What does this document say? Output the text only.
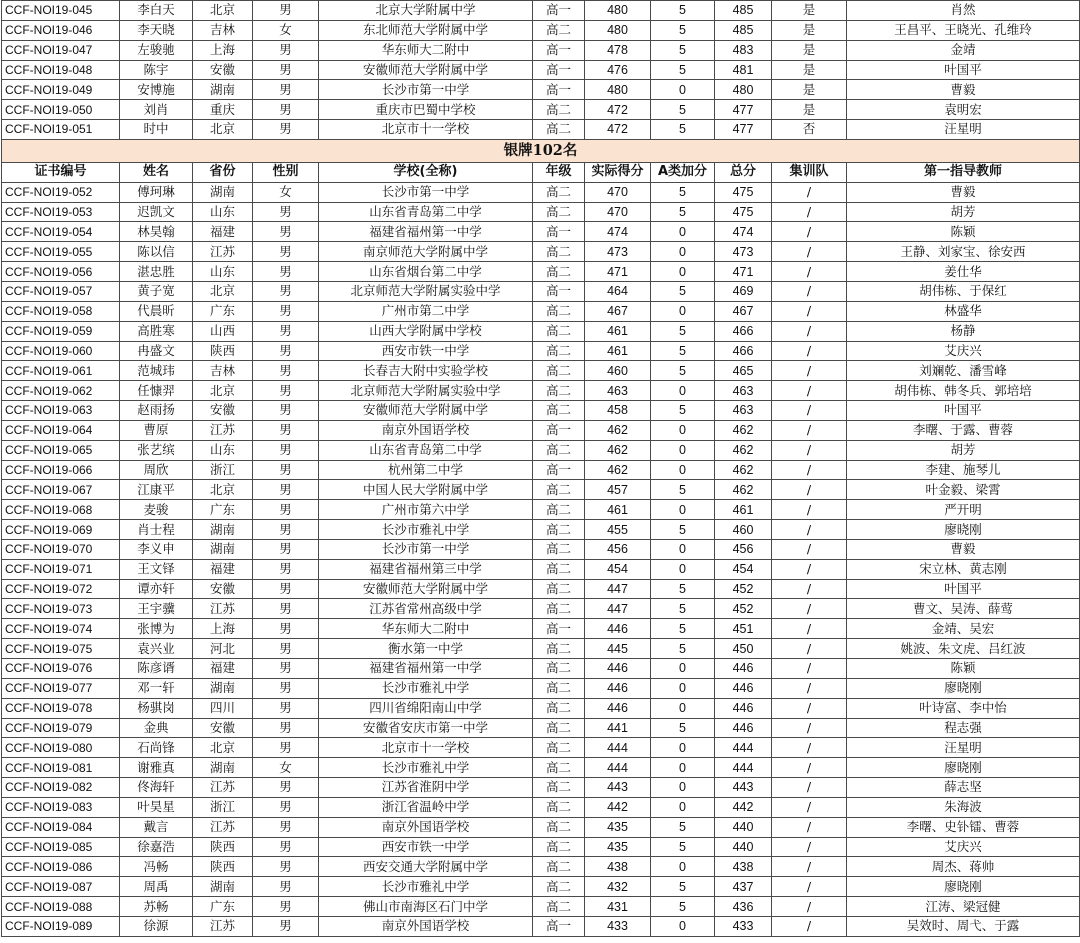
CCF-NOI19-045	李白天	北京	男	北京大学附属中学	高一	480	5	485	是	肖然
CCF-NOI19-046	李天晓	吉林	女	东北师范大学附属中学	高二	480	5	485	是	王昌平、王晓光、孔维玲
CCF-NOI19-047	左骏驰	上海	男	华东师大二附中	高一	478	5	483	是	金靖
CCF-NOI19-048	陈宇	安徽	男	安徽师范大学附属中学	高一	476	5	481	是	叶国平
CCF-NOI19-049	安博施	湖南	男	长沙市第一中学	高一	480	0	480	是	曹毅
CCF-NOI19-050	刘肖	重庆	男	重庆市巴蜀中学校	高二	472	5	477	是	袁明宏
CCF-NOI19-051	时中	北京	男	北京市十一学校	高二	472	5	477	否	汪星明
银牌102名										
证书编号	姓名	省份	性别	学校(全称)	年级	实际得分	A类加分	总分	集训队	第一指导教师
CCF-NOI19-052	傅珂琳	湖南	女	长沙市第一中学	高二	470	5	475	/	曹毅
CCF-NOI19-053	迟凯文	山东	男	山东省青岛第二中学	高二	470	5	475	/	胡芳
CCF-NOI19-054	林昊翰	福建	男	福建省福州第一中学	高一	474	0	474	/	陈颖
CCF-NOI19-055	陈以信	江苏	男	南京师范大学附属中学	高二	473	0	473	/	王静、刘家宝、徐安西
CCF-NOI19-056	湛忠胜	山东	男	山东省烟台第二中学	高二	471	0	471	/	姜仕华
CCF-NOI19-057	黄子宽	北京	男	北京师范大学附属实验中学	高一	464	5	469	/	胡伟栋、于保红
CCF-NOI19-058	代晨昕	广东	男	广州市第二中学	高二	467	0	467	/	林盛华
CCF-NOI19-059	高胜寒	山西	男	山西大学附属中学校	高二	461	5	466	/	杨静
CCF-NOI19-060	冉盛文	陕西	男	西安市铁一中学	高二	461	5	466	/	艾庆兴
CCF-NOI19-061	范城玮	吉林	男	长春吉大附中实验学校	高二	460	5	465	/	刘斓乾、潘雪峰
CCF-NOI19-062	任慷羿	北京	男	北京师范大学附属实验中学	高二	463	0	463	/	胡伟栋、韩冬兵、郭培培
CCF-NOI19-063	赵雨扬	安徽	男	安徽师范大学附属中学	高二	458	5	463	/	叶国平
CCF-NOI19-064	曹原	江苏	男	南京外国语学校	高一	462	0	462	/	李曙、于露、曹蓉
CCF-NOI19-065	张艺缤	山东	男	山东省青岛第二中学	高二	462	0	462	/	胡芳
CCF-NOI19-066	周欣	浙江	男	杭州第二中学	高一	462	0	462	/	李建、施琴儿
CCF-NOI19-067	江康平	北京	男	中国人民大学附属中学	高二	457	5	462	/	叶金毅、梁霄
CCF-NOI19-068	麦骏	广东	男	广州市第六中学	高二	461	0	461	/	严开明
CCF-NOI19-069	肖士程	湖南	男	长沙市雅礼中学	高二	455	5	460	/	廖晓刚
CCF-NOI19-070	李义申	湖南	男	长沙市第一中学	高二	456	0	456	/	曹毅
CCF-NOI19-071	王文铎	福建	男	福建省福州第三中学	高二	454	0	454	/	宋立林、黄志刚
CCF-NOI19-072	谭亦轩	安徽	男	安徽师范大学附属中学	高二	447	5	452	/	叶国平
CCF-NOI19-073	王宇骥	江苏	男	江苏省常州高级中学	高二	447	5	452	/	曹文、吴涛、薛莺
CCF-NOI19-074	张博为	上海	男	华东师大二附中	高一	446	5	451	/	金靖、吴宏
CCF-NOI19-075	袁兴业	河北	男	衡水第一中学	高二	445	5	450	/	姚波、朱文虎、吕红波
CCF-NOI19-076	陈彦谞	福建	男	福建省福州第一中学	高二	446	0	446	/	陈颖
CCF-NOI19-077	邓一轩	湖南	男	长沙市雅礼中学	高二	446	0	446	/	廖晓刚
CCF-NOI19-078	杨骐岗	四川	男	四川省绵阳南山中学	高二	446	0	446	/	叶诗富、李中怡
CCF-NOI19-079	金典	安徽	男	安徽省安庆市第一中学	高二	441	5	446	/	程志强
CCF-NOI19-080	石尚锋	北京	男	北京市十一学校	高二	444	0	444	/	汪星明
CCF-NOI19-081	谢雅真	湖南	女	长沙市雅礼中学	高二	444	0	444	/	廖晓刚
CCF-NOI19-082	佟海轩	江苏	男	江苏省淮阴中学	高二	443	0	443	/	薛志坚
CCF-NOI19-083	叶昊星	浙江	男	浙江省温岭中学	高二	442	0	442	/	朱海波
CCF-NOI19-084	戴言	江苏	男	南京外国语学校	高二	435	5	440	/	李曙、史钋镭、曹蓉
CCF-NOI19-085	徐嘉浩	陕西	男	西安市铁一中学	高二	435	5	440	/	艾庆兴
CCF-NOI19-086	冯畅	陕西	男	西安交通大学附属中学	高二	438	0	438	/	周杰、蒋帅
CCF-NOI19-087	周禹	湖南	男	长沙市雅礼中学	高二	432	5	437	/	廖晓刚
CCF-NOI19-088	苏畅	广东	男	佛山市南海区石门中学	高二	431	5	436	/	江涛、梁冠健
CCF-NOI19-089	徐源	江苏	男	南京外国语学校	高一	433	0	433	/	吴效时、周弋、于露
